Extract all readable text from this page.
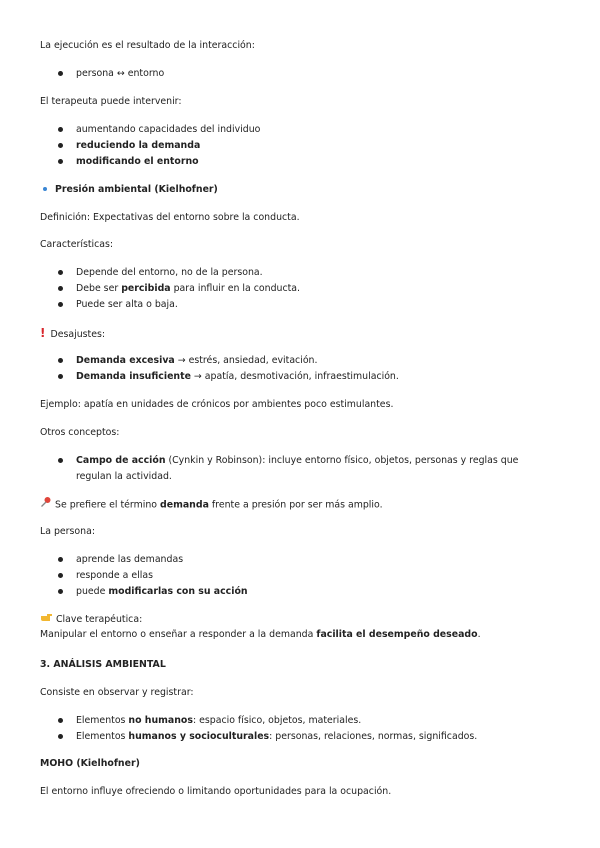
La ejecución es el resultado de la interacción:
persona ↔ entorno
El terapeuta puede intervenir:
aumentando capacidades del individuo
reduciendo la demanda
modificando el entorno
Presión ambiental (Kielhofner)
Definición: Expectativas del entorno sobre la conducta.
Características:
Depende del entorno, no de la persona.
Debe ser percibida para influir en la conducta.
Puede ser alta o baja.
! Desajustes:
Demanda excesiva → estrés, ansiedad, evitación.
Demanda insuficiente → apatía, desmotivación, infraestimulación.
Ejemplo: apatía en unidades de crónicos por ambientes poco estimulantes.
Otros conceptos:
Campo de acción (Cynkin y Robinson): incluye entorno físico, objetos, personas y reglas que regulan la actividad.
Se prefiere el término demanda frente a presión por ser más amplio.
La persona:
aprende las demandas
responde a ellas
puede modificarlas con su acción
Clave terapéutica:
Manipular el entorno o enseñar a responder a la demanda facilita el desempeño deseado.
3. ANÁLISIS AMBIENTAL
Consiste en observar y registrar:
Elementos no humanos: espacio físico, objetos, materiales.
Elementos humanos y socioculturales: personas, relaciones, normas, significados.
MOHO (Kielhofner)
El entorno influye ofreciendo o limitando oportunidades para la ocupación.
